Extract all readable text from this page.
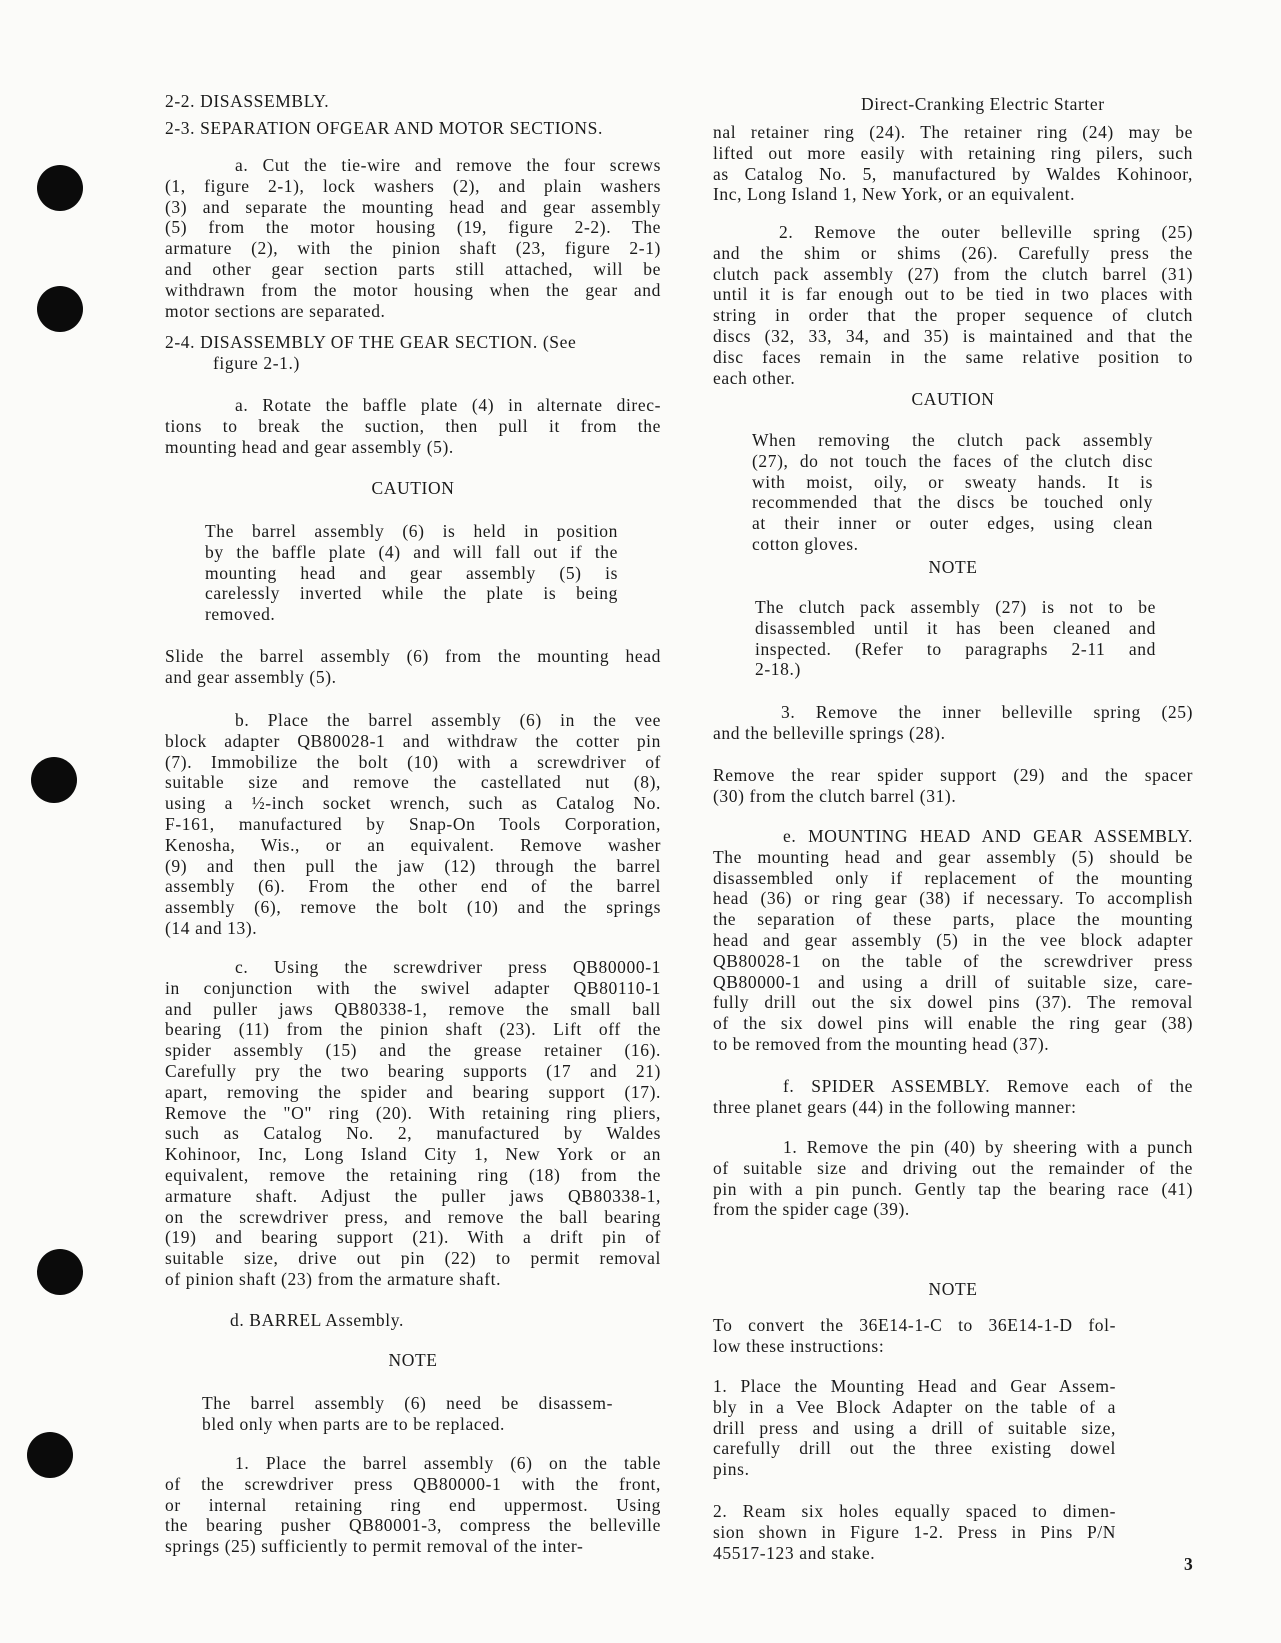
2-2. DISASSEMBLY.
2-3. SEPARATION OFGEAR AND MOTOR SECTIONS.
a. Cut the tie-wire and remove the four screws
(1, figure 2-1), lock washers (2), and plain washers
(3) and separate the mounting head and gear assembly
(5) from the motor housing (19, figure 2-2). The
armature (2), with the pinion shaft (23, figure 2-1)
and other gear section parts still attached, will be
withdrawn from the motor housing when the gear and
motor sections are separated.
2-4. DISASSEMBLY OF THE GEAR SECTION. (See
figure 2-1.)
a. Rotate the baffle plate (4) in alternate direc-
tions to break the suction, then pull it from the
mounting head and gear assembly (5).
CAUTION
The barrel assembly (6) is held in position
by the baffle plate (4) and will fall out if the
mounting head and gear assembly (5) is
carelessly inverted while the plate is being
removed.
Slide the barrel assembly (6) from the mounting head
and gear assembly (5).
b. Place the barrel assembly (6) in the vee
block adapter QB80028-1 and withdraw the cotter pin
(7). Immobilize the bolt (10) with a screwdriver of
suitable size and remove the castellated nut (8),
using a ½-inch socket wrench, such as Catalog No.
F-161, manufactured by Snap-On Tools Corporation,
Kenosha, Wis., or an equivalent. Remove washer
(9) and then pull the jaw (12) through the barrel
assembly (6). From the other end of the barrel
assembly (6), remove the bolt (10) and the springs
(14 and 13).
c. Using the screwdriver press QB80000-1
in conjunction with the swivel adapter QB80110-1
and puller jaws QB80338-1, remove the small ball
bearing (11) from the pinion shaft (23). Lift off the
spider assembly (15) and the grease retainer (16).
Carefully pry the two bearing supports (17 and 21)
apart, removing the spider and bearing support (17).
Remove the "O" ring (20). With retaining ring pliers,
such as Catalog No. 2, manufactured by Waldes
Kohinoor, Inc, Long Island City 1, New York or an
equivalent, remove the retaining ring (18) from the
armature shaft. Adjust the puller jaws QB80338-1,
on the screwdriver press, and remove the ball bearing
(19) and bearing support (21). With a drift pin of
suitable size, drive out pin (22) to permit removal
of pinion shaft (23) from the armature shaft.
d. BARREL Assembly.
NOTE
The barrel assembly (6) need be disassem-
bled only when parts are to be replaced.
1. Place the barrel assembly (6) on the table
of the screwdriver press QB80000-1 with the front,
or internal retaining ring end uppermost. Using
the bearing pusher QB80001-3, compress the belleville
springs (25) sufficiently to permit removal of the inter-
Direct-Cranking Electric Starter
nal retainer ring (24). The retainer ring (24) may be
lifted out more easily with retaining ring pilers, such
as Catalog No. 5, manufactured by Waldes Kohinoor,
Inc, Long Island 1, New York, or an equivalent.
2. Remove the outer belleville spring (25)
and the shim or shims (26). Carefully press the
clutch pack assembly (27) from the clutch barrel (31)
until it is far enough out to be tied in two places with
string in order that the proper sequence of clutch
discs (32, 33, 34, and 35) is maintained and that the
disc faces remain in the same relative position to
each other.
CAUTION
When removing the clutch pack assembly
(27), do not touch the faces of the clutch disc
with moist, oily, or sweaty hands. It is
recommended that the discs be touched only
at their inner or outer edges, using clean
cotton gloves.
NOTE
The clutch pack assembly (27) is not to be
disassembled until it has been cleaned and
inspected. (Refer to paragraphs 2-11 and
2-18.)
3. Remove the inner belleville spring (25)
and the belleville springs (28).
Remove the rear spider support (29) and the spacer
(30) from the clutch barrel (31).
e. MOUNTING HEAD AND GEAR ASSEMBLY.
The mounting head and gear assembly (5) should be
disassembled only if replacement of the mounting
head (36) or ring gear (38) if necessary. To accomplish
the separation of these parts, place the mounting
head and gear assembly (5) in the vee block adapter
QB80028-1 on the table of the screwdriver press
QB80000-1 and using a drill of suitable size, care-
fully drill out the six dowel pins (37). The removal
of the six dowel pins will enable the ring gear (38)
to be removed from the mounting head (37).
f. SPIDER ASSEMBLY. Remove each of the
three planet gears (44) in the following manner:
1. Remove the pin (40) by sheering with a punch
of suitable size and driving out the remainder of the
pin with a pin punch. Gently tap the bearing race (41)
from the spider cage (39).
NOTE
To convert the 36E14-1-C to 36E14-1-D fol-
low these instructions:
1. Place the Mounting Head and Gear Assem-
bly in a Vee Block Adapter on the table of a
drill press and using a drill of suitable size,
carefully drill out the three existing dowel
pins.
2. Ream six holes equally spaced to dimen-
sion shown in Figure 1-2. Press in Pins P/N
45517-123 and stake.
3
